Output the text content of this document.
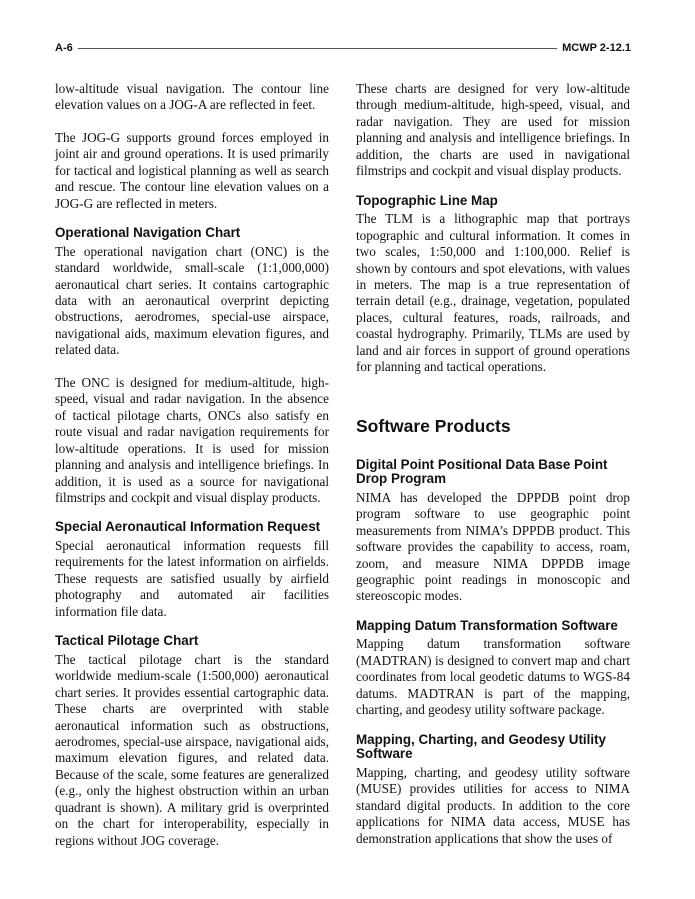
A-6	MCWP 2-12.1

low-altitude visual navigation. The contour line elevation values on a JOG-A are reflected in feet.

The JOG-G supports ground forces employed in joint air and ground operations. It is used primarily for tactical and logistical planning as well as search and rescue. The contour line elevation values on a JOG-G are reflected in meters.

Operational Navigation Chart

The operational navigation chart (ONC) is the standard worldwide, small-scale (1:1,000,000) aeronautical chart series. It contains cartographic data with an aeronautical overprint depicting obstructions, aerodromes, special-use airspace, navigational aids, maximum elevation figures, and related data.

The ONC is designed for medium-altitude, high-speed, visual and radar navigation. In the absence of tactical pilotage charts, ONCs also satisfy en route visual and radar navigation requirements for low-altitude operations. It is used for mission planning and analysis and intelligence briefings. In addition, it is used as a source for navigational filmstrips and cockpit and visual display products.

Special Aeronautical Information Request

Special aeronautical information requests fill requirements for the latest information on airfields. These requests are satisfied usually by airfield photography and automated air facilities information file data.

Tactical Pilotage Chart

The tactical pilotage chart is the standard worldwide medium-scale (1:500,000) aeronautical chart series. It provides essential cartographic data. These charts are overprinted with stable aeronautical information such as obstructions, aerodromes, special-use airspace, navigational aids, maximum elevation figures, and related data. Because of the scale, some features are generalized (e.g., only the highest obstruction within an urban quadrant is shown). A military grid is overprinted on the chart for interoperability, especially in regions without JOG coverage.

These charts are designed for very low-altitude through medium-altitude, high-speed, visual, and radar navigation. They are used for mission planning and analysis and intelligence briefings. In addition, the charts are used in navigational filmstrips and cockpit and visual display products.

Topographic Line Map

The TLM is a lithographic map that portrays topographic and cultural information. It comes in two scales, 1:50,000 and 1:100,000. Relief is shown by contours and spot elevations, with values in meters. The map is a true representation of terrain detail (e.g., drainage, vegetation, populated places, cultural features, roads, railroads, and coastal hydrography. Primarily, TLMs are used by land and air forces in support of ground operations for planning and tactical operations.

Software Products
Digital Point Positional Data Base Point Drop Program

NIMA has developed the DPPDB point drop program software to use geographic point measurements from NIMA’s DPPDB product. This software provides the capability to access, roam, zoom, and measure NIMA DPPDB image geographic point readings in monoscopic and stereoscopic modes.

Mapping Datum Transformation Software

Mapping datum transformation software (MADTRAN) is designed to convert map and chart coordinates from local geodetic datums to WGS-84 datums. MADTRAN is part of the mapping, charting, and geodesy utility software package.

Mapping, Charting, and Geodesy Utility Software

Mapping, charting, and geodesy utility software (MUSE) provides utilities for access to NIMA standard digital products. In addition to the core applications for NIMA data access, MUSE has demonstration applications that show the uses of
